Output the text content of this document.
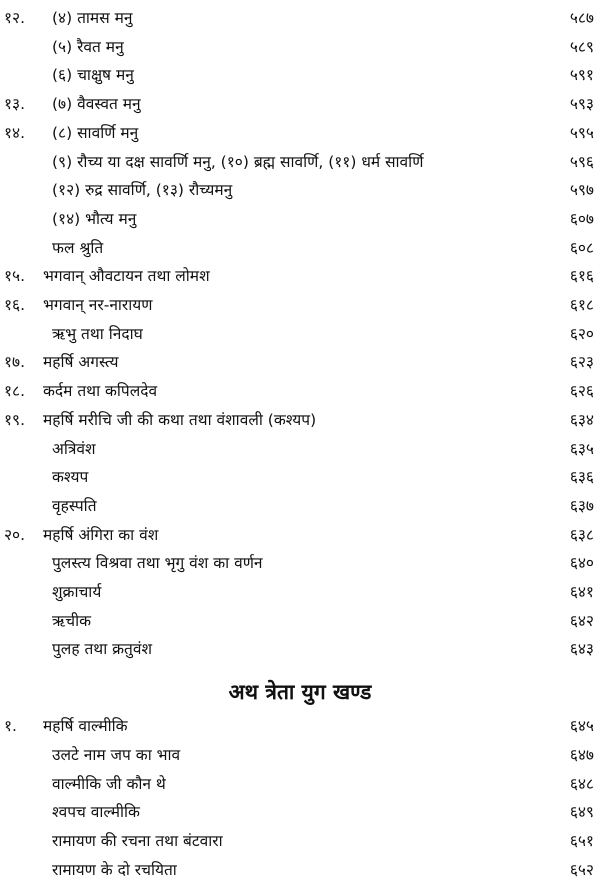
१२. (४) तामस मनु	५८७
(५) रैवत मनु	५८९
(६) चाक्षुष मनु	५९१
१३. (७) वैवस्वत मनु	५९३
१४. (८) सावर्णि मनु	५९५
(९) रौच्य या दक्ष सावर्णि मनु, (१०) ब्रह्म सावर्णि, (११) धर्म सावर्णि	५९६
(१२) रुद्र सावर्णि, (१३) रौच्यमनु	५९७
(१४) भौत्य मनु	६०७
फल श्रुति	६०८
१५. भगवान् औवटायन तथा लोमश	६१६
१६. भगवान् नर-नारायण	६१८
ऋभु तथा निदाघ	६२०
१७. महर्षि अगस्त्य	६२३
१८. कर्दम तथा कपिलदेव	६२६
१९. महर्षि मरीचि जी की कथा तथा वंशावली (कश्यप)	६३४
अत्रिवंश	६३५
कश्यप	६३६
वृहस्पति	६३७
२०. महर्षि अंगिरा का वंश	६३८
पुलस्त्य विश्रवा तथा भृगु वंश का वर्णन	६४०
शुक्राचार्य	६४१
ऋचीक	६४२
पुलह तथा क्रतुवंश	६४३
१. महर्षि वाल्मीकि	६४५
उलटे नाम जप का भाव	६४७
वाल्मीकि जी कौन थे	६४८
श्वपच वाल्मीकि	६४९
रामायण की रचना तथा बंटवारा	६५१
रामायण के दो रचयिता	६५२
अथ त्रेता युग खण्ड
